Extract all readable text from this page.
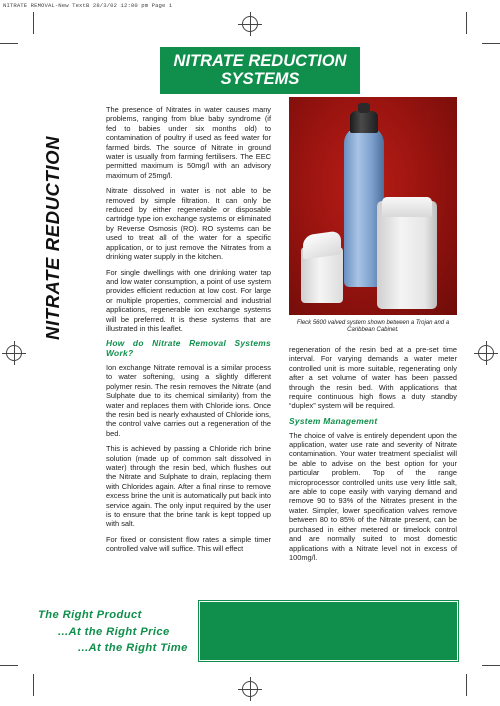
NITRATE REMOVAL-New TextB 28/3/02 12:00 pm Page 1
NITRATE REDUCTION
SYSTEMS
NITRATE REDUCTION

The presence of Nitrates in water causes many problems, ranging from blue baby syndrome (if fed to babies under six months old) to contamination of poultry if used as feed water for farmed birds. The source of Nitrate in ground water is usually from farming fertilisers. The EEC permitted maximum is 50mg/l with an advisory maximum of 25mg/l.

Nitrate dissolved in water is not able to be removed by simple filtration. It can only be reduced by either regenerable or disposable cartridge type ion exchange systems or eliminated by Reverse Osmosis (RO). RO systems can be used to treat all of the water for a specific application, or to just remove the Nitrates from a drinking water supply in the kitchen.

For single dwellings with one drinking water tap and low water consumption, a point of use system provides efficient reduction at low cost. For large or multiple properties, commercial and industrial applications, regenerable ion exchange systems will be preferred. It is these systems that are illustrated in this leaflet.

How do Nitrate Removal Systems Work?

Ion exchange Nitrate removal is a similar process to water softening, using a slightly different polymer resin. The resin removes the Nitrate (and Sulphate due to its chemical similarity) from the water and replaces them with Chloride ions. Once the resin bed is nearly exhausted of Chloride ions, the control valve carries out a regeneration of the bed.

This is achieved by passing a Chloride rich brine solution (made up of common salt dissolved in water) through the resin bed, which flushes out the Nitrate and Sulphate to drain, replacing them with Chlorides again. After a final rinse to remove excess brine the unit is automatically put back into service again. The only input required by the user is to ensure that the brine tank is kept topped up with salt.

For fixed or consistent flow rates a simple timer controlled valve will suffice. This will effect

Fleck 5600 valved system shown between a Trojan and a Caribbean Cabinet.

regeneration of the resin bed at a pre-set time interval. For varying demands a water meter controlled unit is more suitable, regenerating only after a set volume of water has been passed through the resin bed. With applications that require continuous high flows a duty standby “duplex” system will be required.

System Management

The choice of valve is entirely dependent upon the application, water use rate and severity of Nitrate contamination. Your water treatment specialist will be able to advise on the best option for your particular problem. Top of the range microprocessor controlled units use very little salt, are able to cope easily with varying demand and remove 90 to 93% of the Nitrates present in the water. Simpler, lower specification valves remove between 80 to 85% of the Nitrate present, can be purchased in either metered or timelock control and are normally suited to most domestic applications with a Nitrate level not in excess of 100mg/l.

The Right Product
...At the Right Price
...At the Right Time
